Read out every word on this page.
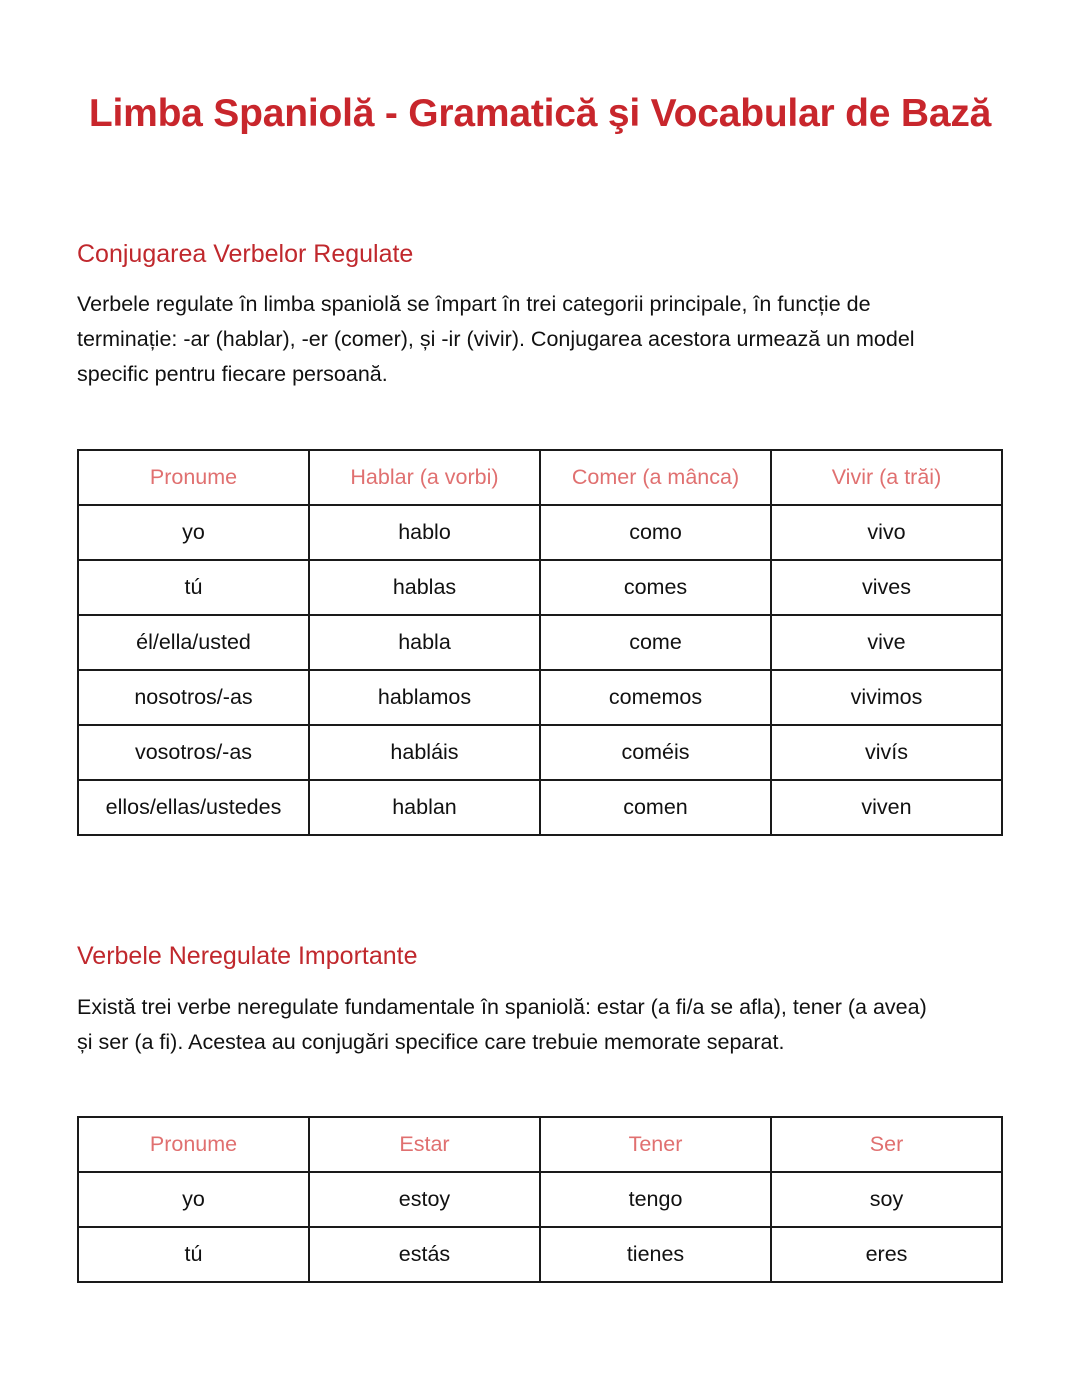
Limba Spaniolă - Gramatică şi Vocabular de Bază
Conjugarea Verbelor Regulate

Verbele regulate în limba spaniolă se împart în trei categorii principale, în funcție de
terminație: -ar (hablar), -er (comer), și -ir (vivir). Conjugarea acestora urmează un model
specific pentru fiecare persoană.

Pronume	Hablar (a vorbi)	Comer (a mânca)	Vivir (a trăi)
yo	hablo	como	vivo
tú	hablas	comes	vives
él/ella/usted	habla	come	vive
nosotros/-as	hablamos	comemos	vivimos
vosotros/-as	habláis	coméis	vivís
ellos/ellas/ustedes	hablan	comen	viven
Verbele Neregulate Importante

Există trei verbe neregulate fundamentale în spaniolă: estar (a fi/a se afla), tener (a avea)
și ser (a fi). Acestea au conjugări specifice care trebuie memorate separat.

Pronume	Estar	Tener	Ser
yo	estoy	tengo	soy
tú	estás	tienes	eres
